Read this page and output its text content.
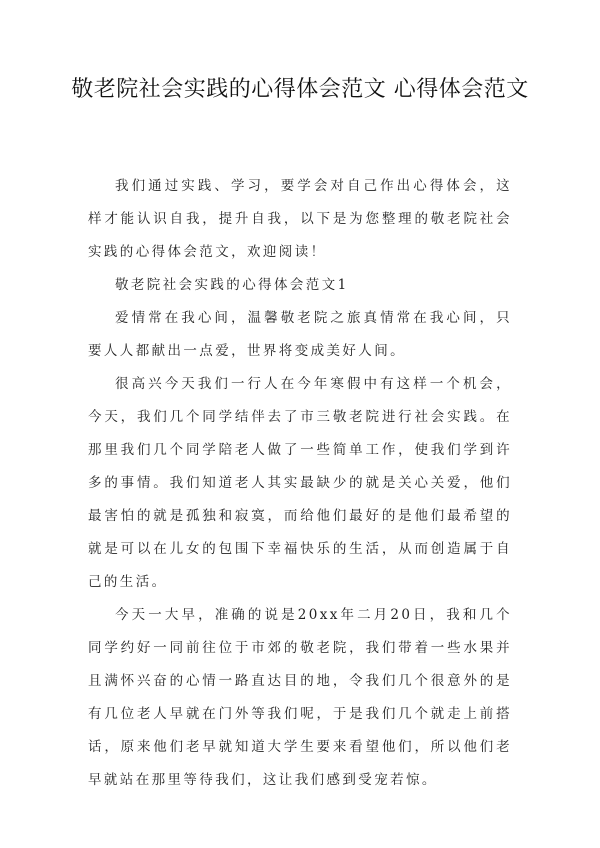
敬老院社会实践的心得体会范文 心得体会范文

我们通过实践、学习，要学会对自己作出心得体会，这样才能认识自我，提升自我，以下是为您整理的敬老院社会实践的心得体会范文，欢迎阅读！

敬老院社会实践的心得体会范文1

爱情常在我心间，温馨敬老院之旅真情常在我心间，只要人人都献出一点爱，世界将变成美好人间。

很高兴今天我们一行人在今年寒假中有这样一个机会，今天，我们几个同学结伴去了市三敬老院进行社会实践。在那里我们几个同学陪老人做了一些简单工作，使我们学到许多的事情。我们知道老人其实最缺少的就是关心关爱，他们最害怕的就是孤独和寂寞，而给他们最好的是他们最希望的就是可以在儿女的包围下幸福快乐的生活，从而创造属于自己的生活。

今天一大早，准确的说是20xx年二月20日，我和几个同学约好一同前往位于市郊的敬老院，我们带着一些水果并且满怀兴奋的心情一路直达目的地，令我们几个很意外的是有几位老人早就在门外等我们呢，于是我们几个就走上前搭话，原来他们老早就知道大学生要来看望他们，所以他们老早就站在那里等待我们，这让我们感到受宠若惊。
